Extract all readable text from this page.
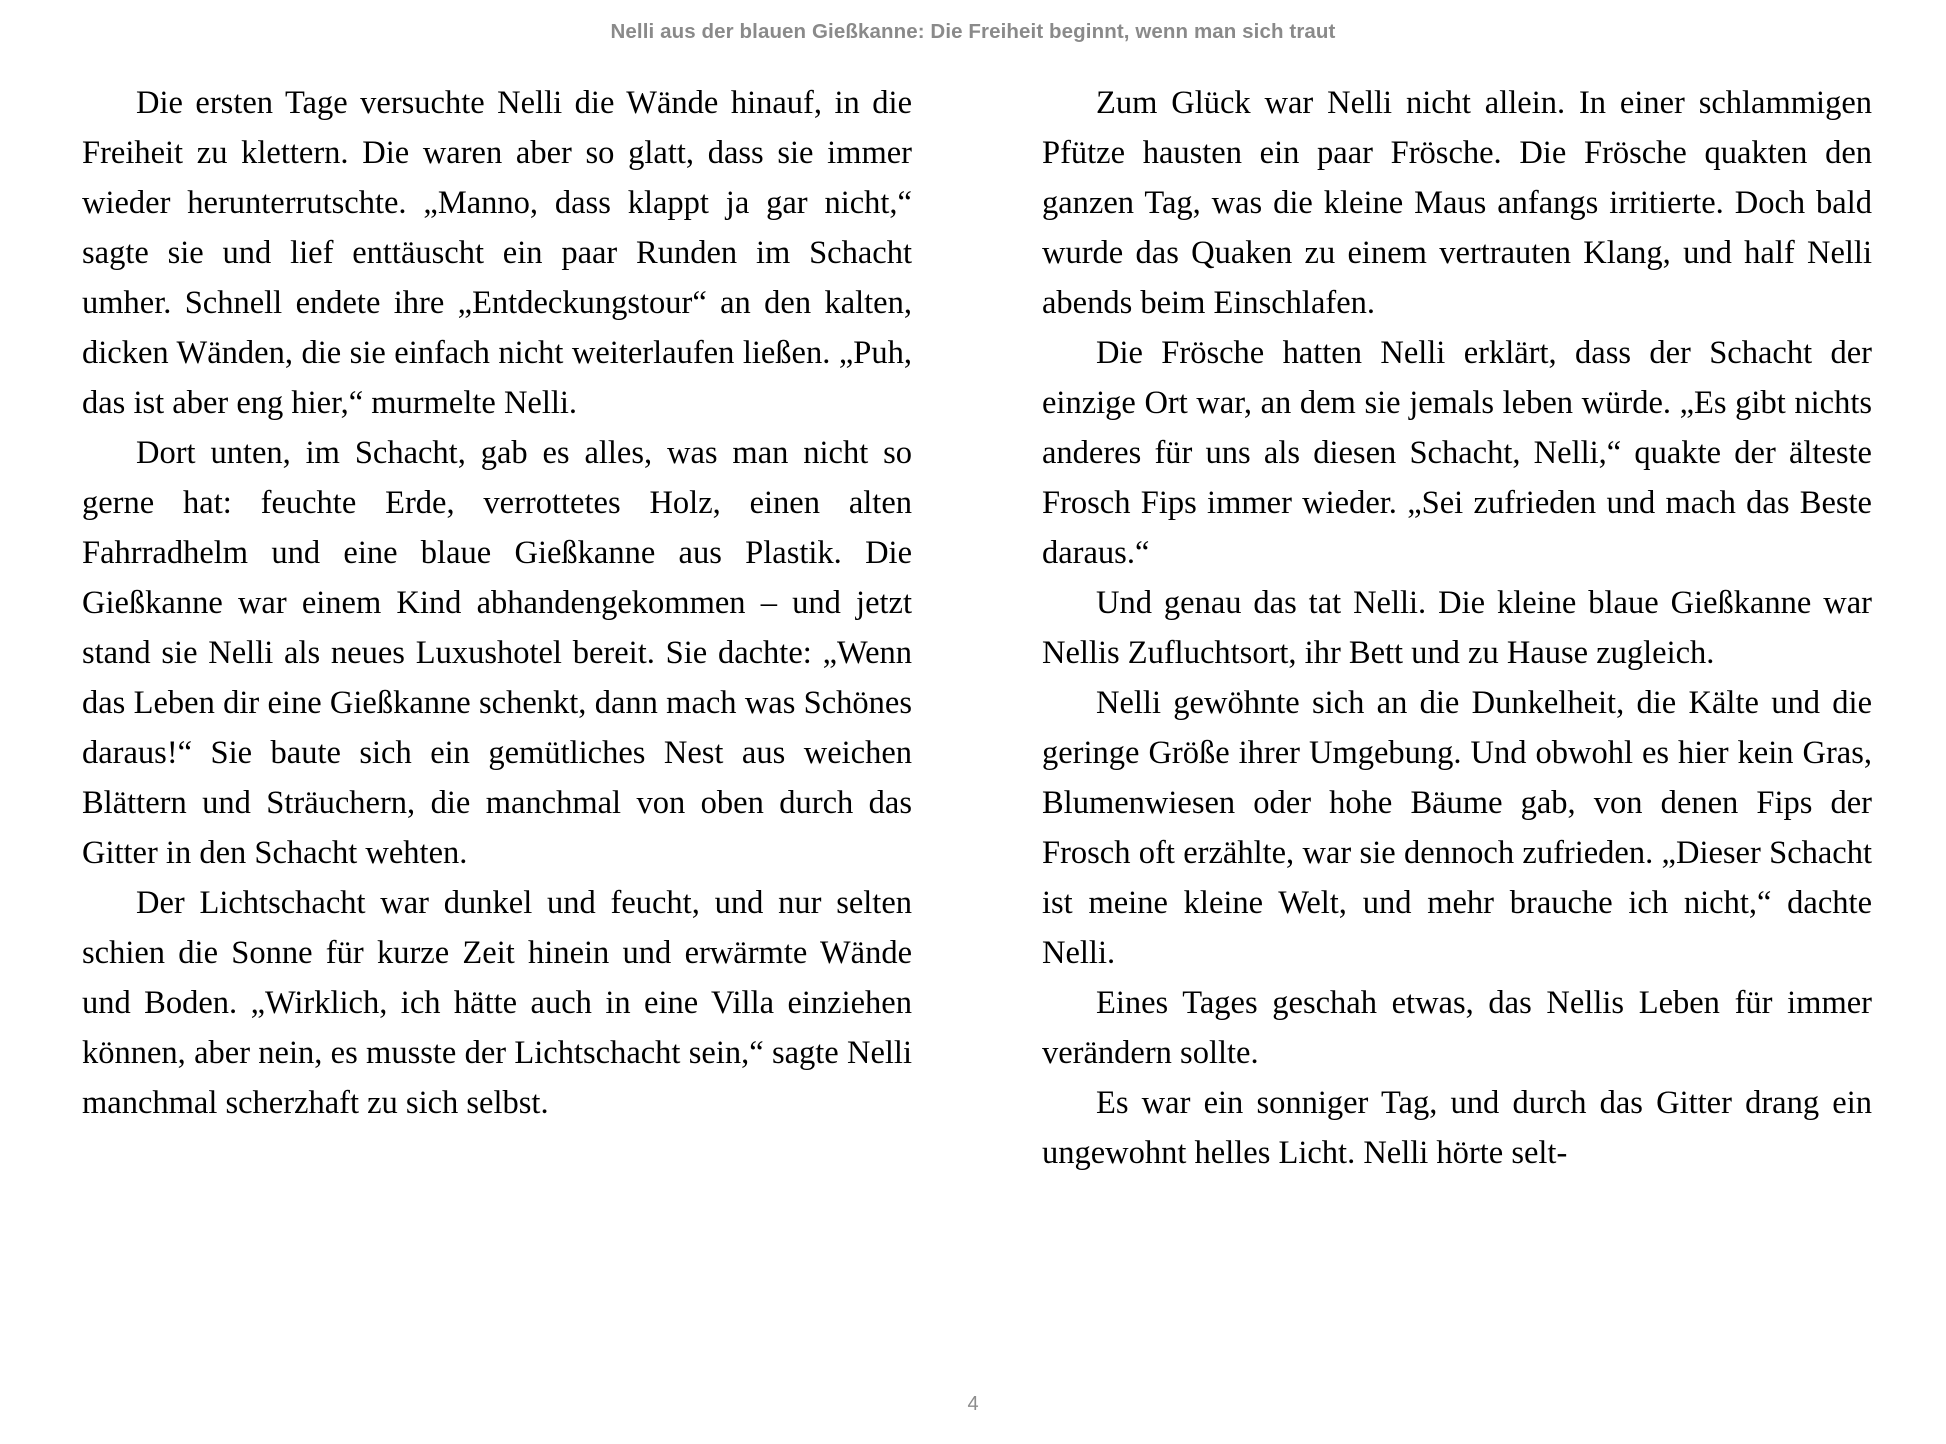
Nelli aus der blauen Gießkanne: Die Freiheit beginnt, wenn man sich traut

Die ersten Tage versuchte Nelli die Wände hinauf, in die Freiheit zu klettern. Die waren aber so glatt, dass sie immer wieder herunterrutschte. „Manno, dass klappt ja gar nicht,“ sagte sie und lief enttäuscht ein paar Runden im Schacht umher. Schnell endete ihre „Entdeckungstour“ an den kalten, dicken Wänden, die sie einfach nicht weiterlaufen ließen. „Puh, das ist aber eng hier,“ murmelte Nelli.

Dort unten, im Schacht, gab es alles, was man nicht so gerne hat: feuchte Erde, verrottetes Holz, einen alten Fahrradhelm und eine blaue Gießkanne aus Plastik. Die Gießkanne war einem Kind abhandengekommen – und jetzt stand sie Nelli als neues Luxushotel bereit. Sie dachte: „Wenn das Leben dir eine Gießkanne schenkt, dann mach was Schönes daraus!“ Sie baute sich ein gemütliches Nest aus weichen Blättern und Sträuchern, die manchmal von oben durch das Gitter in den Schacht wehten.

Der Lichtschacht war dunkel und feucht, und nur selten schien die Sonne für kurze Zeit hinein und erwärmte Wände und Boden. „Wirklich, ich hätte auch in eine Villa einziehen können, aber nein, es musste der Lichtschacht sein,“ sagte Nelli manchmal scherzhaft zu sich selbst.

Zum Glück war Nelli nicht allein. In einer schlammigen Pfütze hausten ein paar Frösche. Die Frösche quakten den ganzen Tag, was die kleine Maus anfangs irritierte. Doch bald wurde das Quaken zu einem vertrauten Klang, und half Nelli abends beim Einschlafen.

Die Frösche hatten Nelli erklärt, dass der Schacht der einzige Ort war, an dem sie jemals leben würde. „Es gibt nichts anderes für uns als diesen Schacht, Nelli,“ quakte der älteste Frosch Fips immer wieder. „Sei zufrieden und mach das Beste daraus.“

Und genau das tat Nelli. Die kleine blaue Gießkanne war Nellis Zufluchtsort, ihr Bett und zu Hause zugleich.

Nelli gewöhnte sich an die Dunkelheit, die Kälte und die geringe Größe ihrer Umgebung. Und obwohl es hier kein Gras, Blumenwiesen oder hohe Bäume gab, von denen Fips der Frosch oft erzählte, war sie dennoch zufrieden. „Dieser Schacht ist meine kleine Welt, und mehr brauche ich nicht,“ dachte Nelli.

Eines Tages geschah etwas, das Nellis Leben für immer verändern sollte.

Es war ein sonniger Tag, und durch das Gitter drang ein ungewohnt helles Licht. Nelli hörte selt-

4
